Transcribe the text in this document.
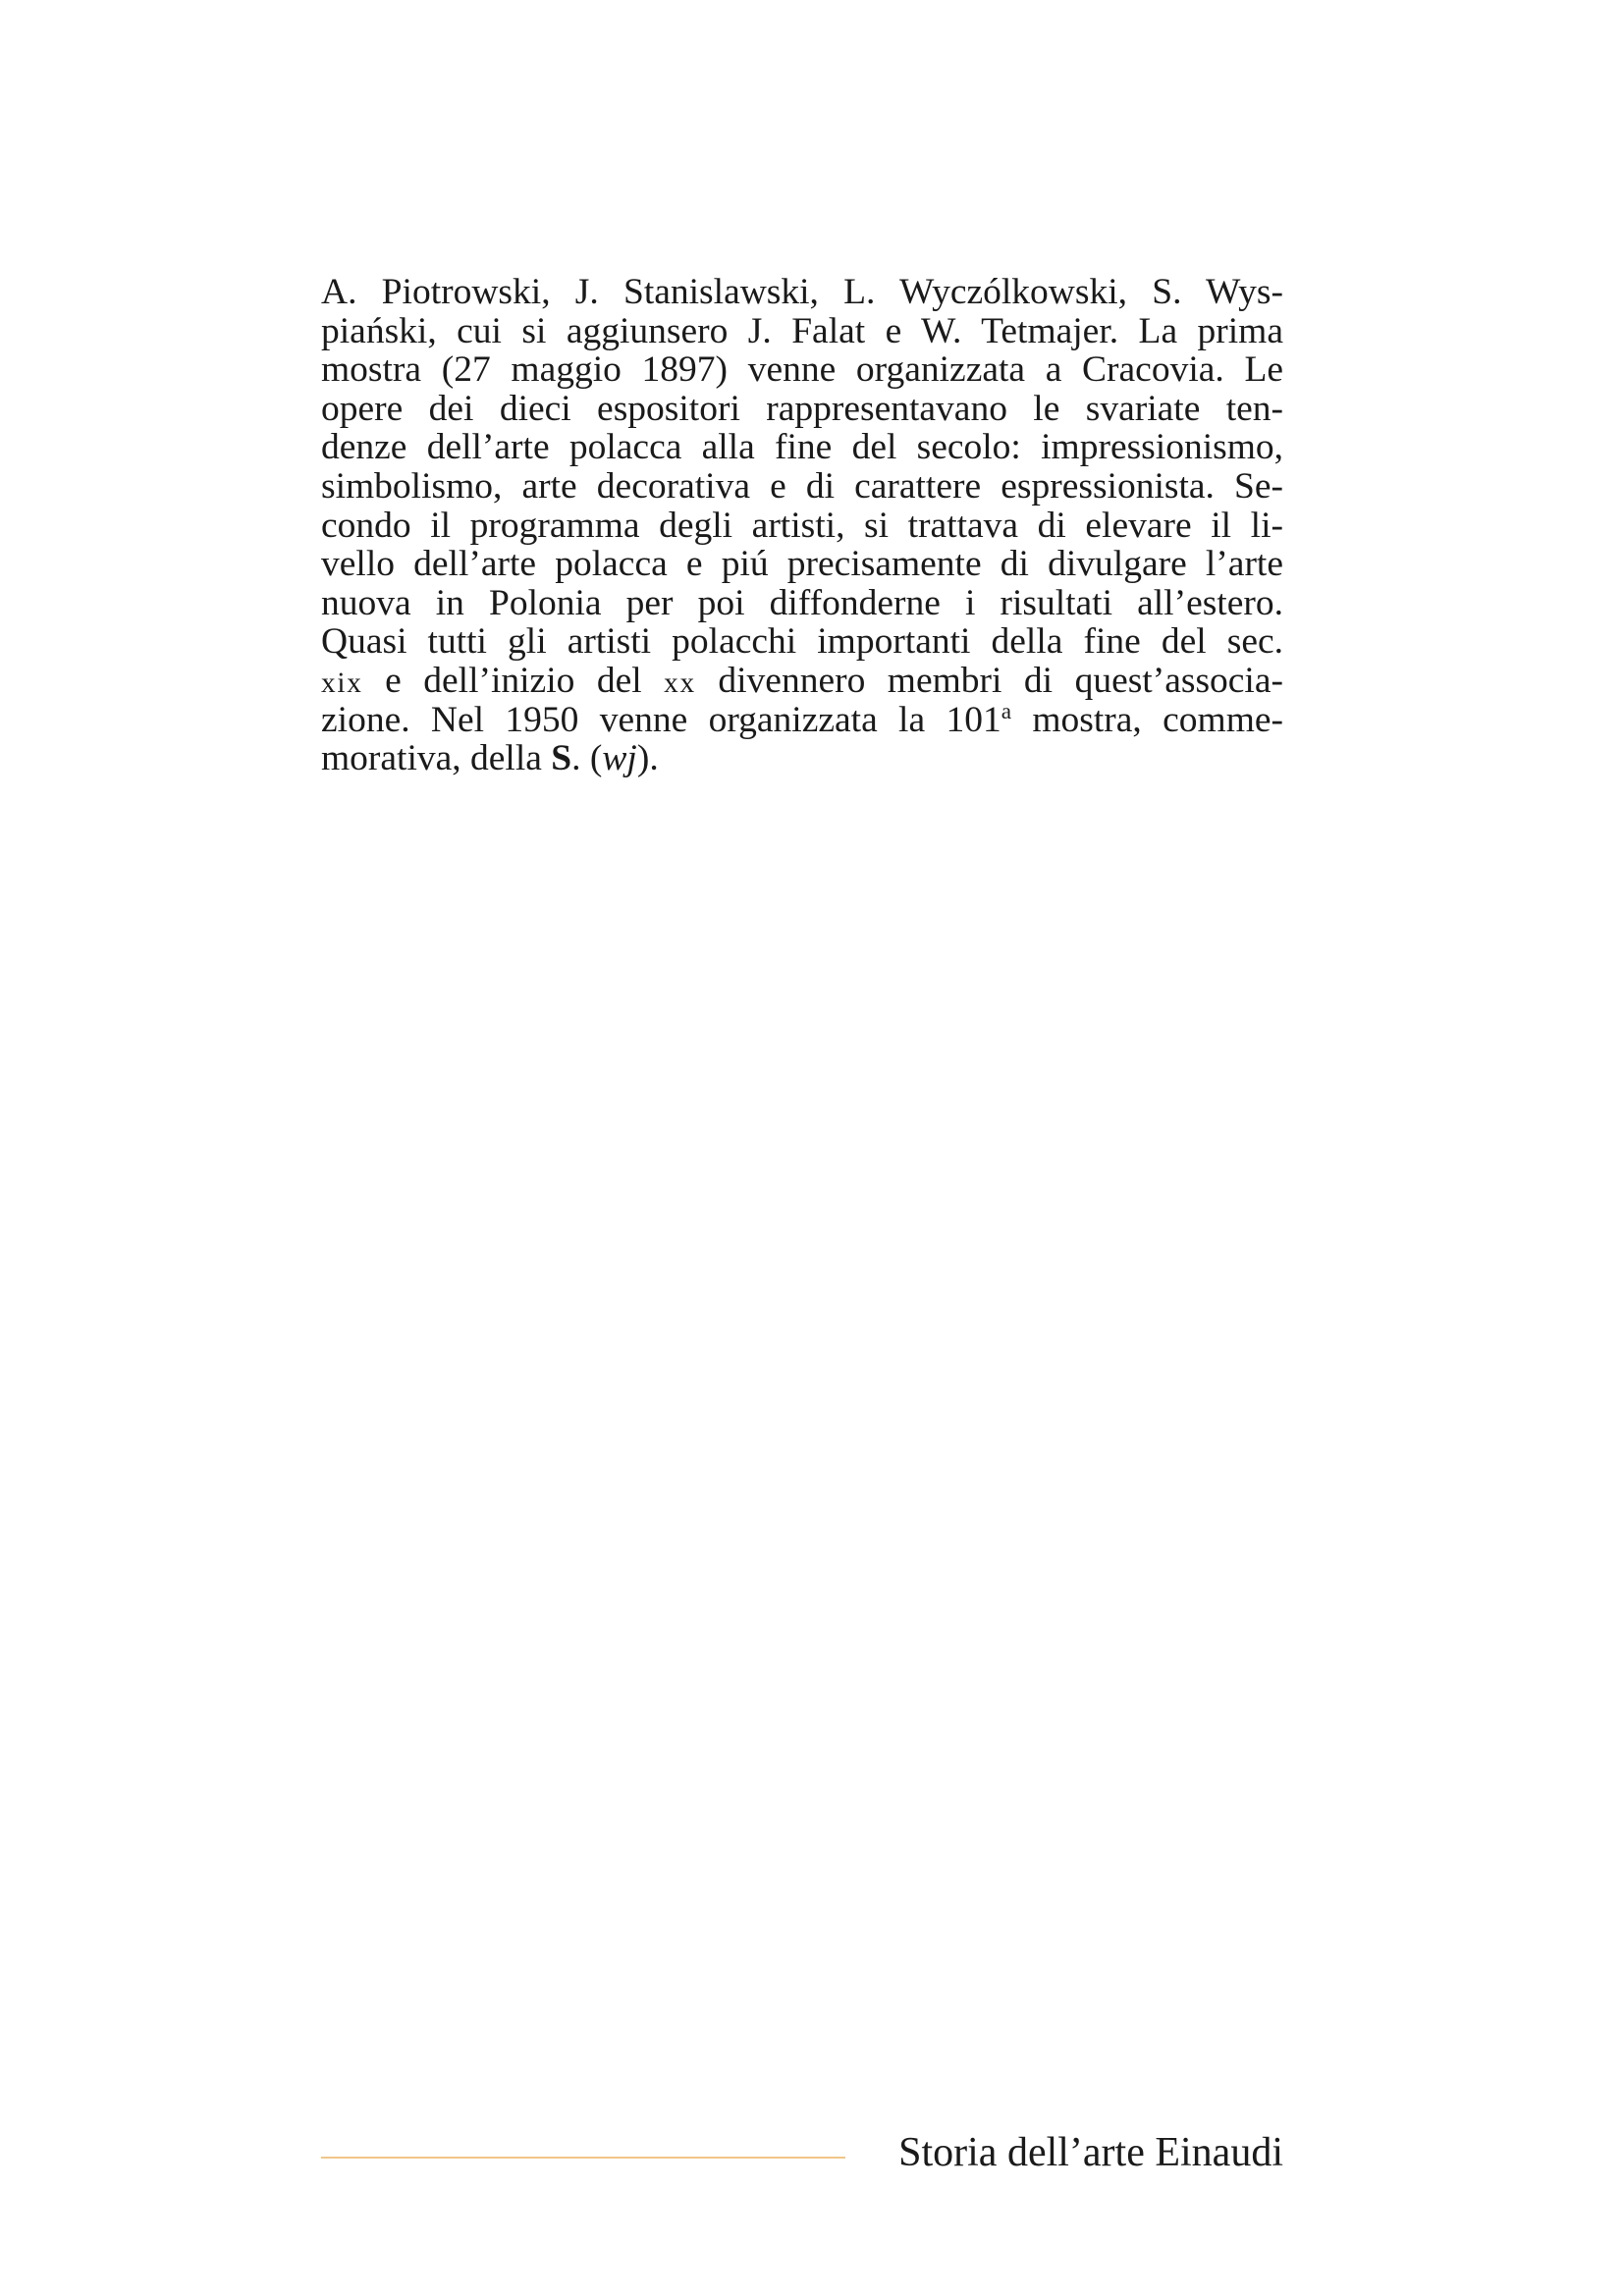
A. Piotrowski, J. Stanislawski, L. Wyczólkowski, S. Wys-
piański, cui si aggiunsero J. Falat e W. Tetmajer. La prima
mostra (27 maggio 1897) venne organizzata a Cracovia. Le
opere dei dieci espositori rappresentavano le svariate ten-
denze dell’arte polacca alla fine del secolo: impressionismo,
simbolismo, arte decorativa e di carattere espressionista. Se-
condo il programma degli artisti, si trattava di elevare il li-
vello dell’arte polacca e piú precisamente di divulgare l’arte
nuova in Polonia per poi diffonderne i risultati all’estero.
Quasi tutti gli artisti polacchi importanti della fine del sec.
xix e dell’inizio del xx divennero membri di quest’associa-
zione. Nel 1950 venne organizzata la 101$^a$ mostra, comme-
morativa, della S. (wj).
Storia dell’arte Einaudi
